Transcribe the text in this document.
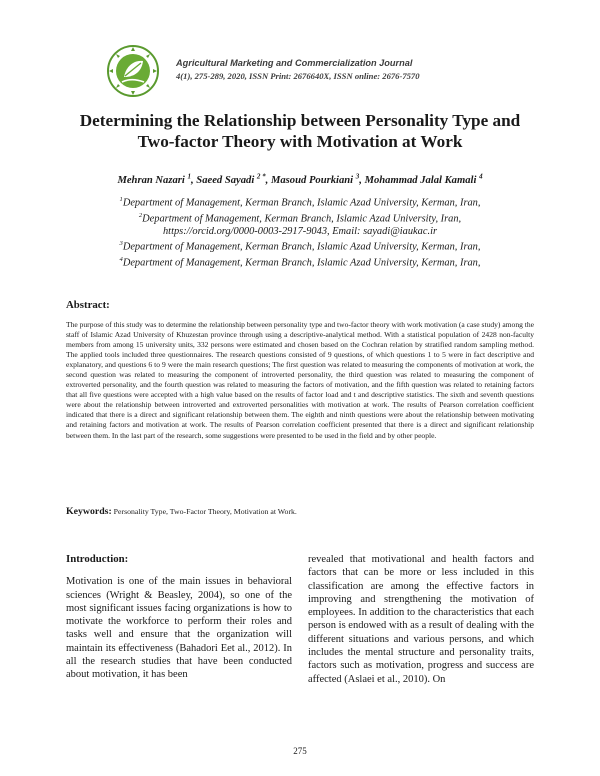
Agricultural Marketing and Commercialization Journal
4(1), 275-289, 2020, ISSN Print: 2676640X, ISSN online: 2676-7570
Determining the Relationship between Personality Type and
Two-factor Theory with Motivation at Work
Mehran Nazari $^1$, Saeed Sayadi $^{2 *}$, Masoud Pourkiani $^3$, Mohammad Jalal Kamali $^4$
$^1$Department of Management, Kerman Branch, Islamic Azad University, Kerman, Iran,
$^2$Department of Management, Kerman Branch, Islamic Azad University, Iran,
https://orcid.org/0000-0003-2917-9043, Email: sayadi@iaukac.ir
$^3$Department of Management, Kerman Branch, Islamic Azad University, Kerman, Iran,
$^4$Department of Management, Kerman Branch, Islamic Azad University, Kerman, Iran,
Abstract:
The purpose of this study was to determine the relationship between personality type and two-factor theory with work motivation (a case study) among the staff of Islamic Azad University of Khuzestan province through using a descriptive-analytical method. With a statistical population of 2428 non-faculty members from among 15 university units, 332 persons were estimated and chosen based on the Cochran relation by stratified random sampling method. The applied tools included three questionnaires. The research questions consisted of 9 questions, of which questions 1 to 5 were in fact descriptive and explanatory, and questions 6 to 9 were the main research questions; The first question was related to measuring the components of motivation at work, the second question was related to measuring the component of introverted personality, the third question was related to measuring the component of extroverted personality, and the fourth question was related to measuring the factors of motivation, and the fifth question was related to retaining factors that all five questions were accepted with a high value based on the results of factor load and t and descriptive statistics. The sixth and seventh questions were about the relationship between introverted and extroverted personalities with motivation at work. The results of Pearson correlation coefficient indicated that there is a direct and significant relationship between them. The eighth and ninth questions were about the relationship between motivating and retaining factors and motivation at work. The results of Pearson correlation coefficient presented that there is a direct and significant relationship between them. In the last part of the research, some suggestions were presented to be used in the field and by other people.
Keywords: Personality Type, Two-Factor Theory, Motivation at Work.
Introduction:

Motivation is one of the main issues in behavioral sciences (Wright & Beasley, 2004), so one of the most significant issues facing organizations is how to motivate the workforce to perform their roles and tasks well and ensure that the organization will maintain its effectiveness (Bahadori Eet al., 2012). In all the research studies that have been conducted about motivation, it has been

revealed that motivational and health factors and factors that can be more or less included in this classification are among the effective factors in improving and strengthening the motivation of employees. In addition to the characteristics that each person is endowed with as a result of dealing with the different situations and various persons, and which includes the mental structure and personality traits, factors such as motivation, progress and success are affected (Aslaei et al., 2010). On

275
